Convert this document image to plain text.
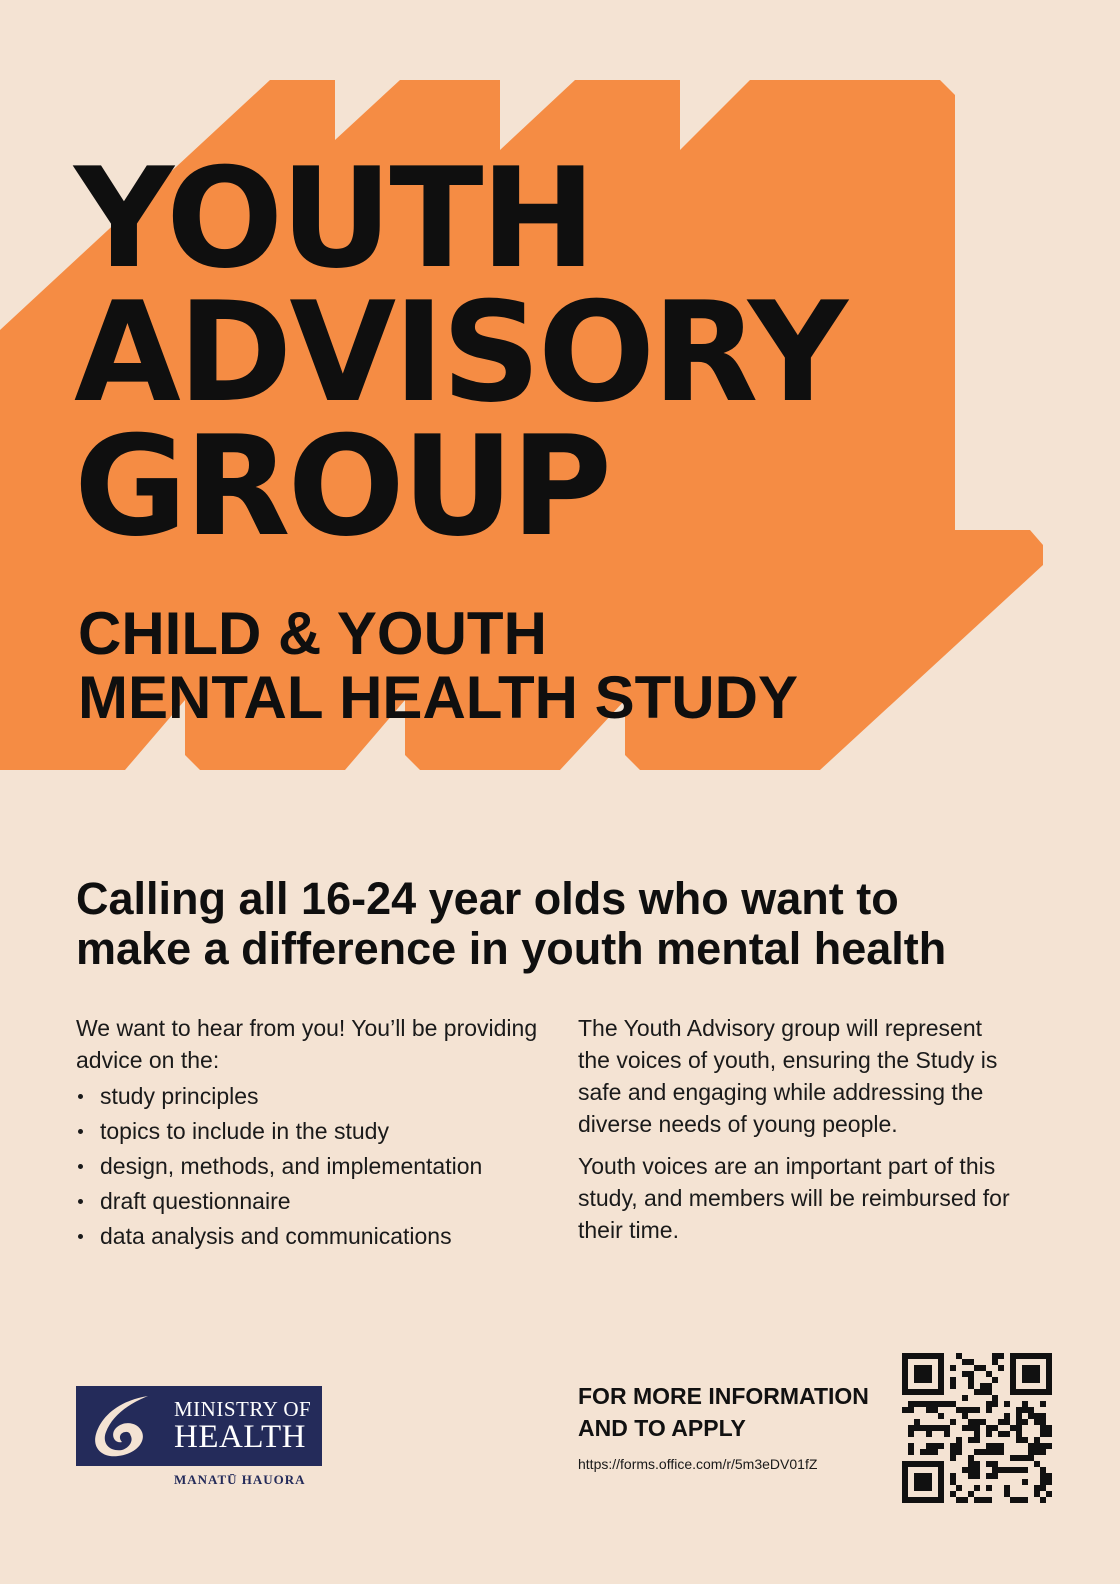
YOUTH
ADVISORY
GROUP
CHILD & YOUTH
MENTAL HEALTH STUDY
Calling all 16-24 year olds who want to
make a difference in youth mental health

We want to hear from you! You’ll be providing advice on the:

study principles
topics to include in the study
design, methods, and implementation
draft questionnaire
data analysis and communications

The Youth Advisory group will represent the voices of youth, ensuring the Study is safe and engaging while addressing the diverse needs of young people.

Youth voices are an important part of this study, and members will be reimbursed for their time.

MINISTRY OF
HEALTH
MANATŪ HAUORA
FOR MORE INFORMATION
AND TO APPLY
https://forms.office.com/r/5m3eDV01fZ
